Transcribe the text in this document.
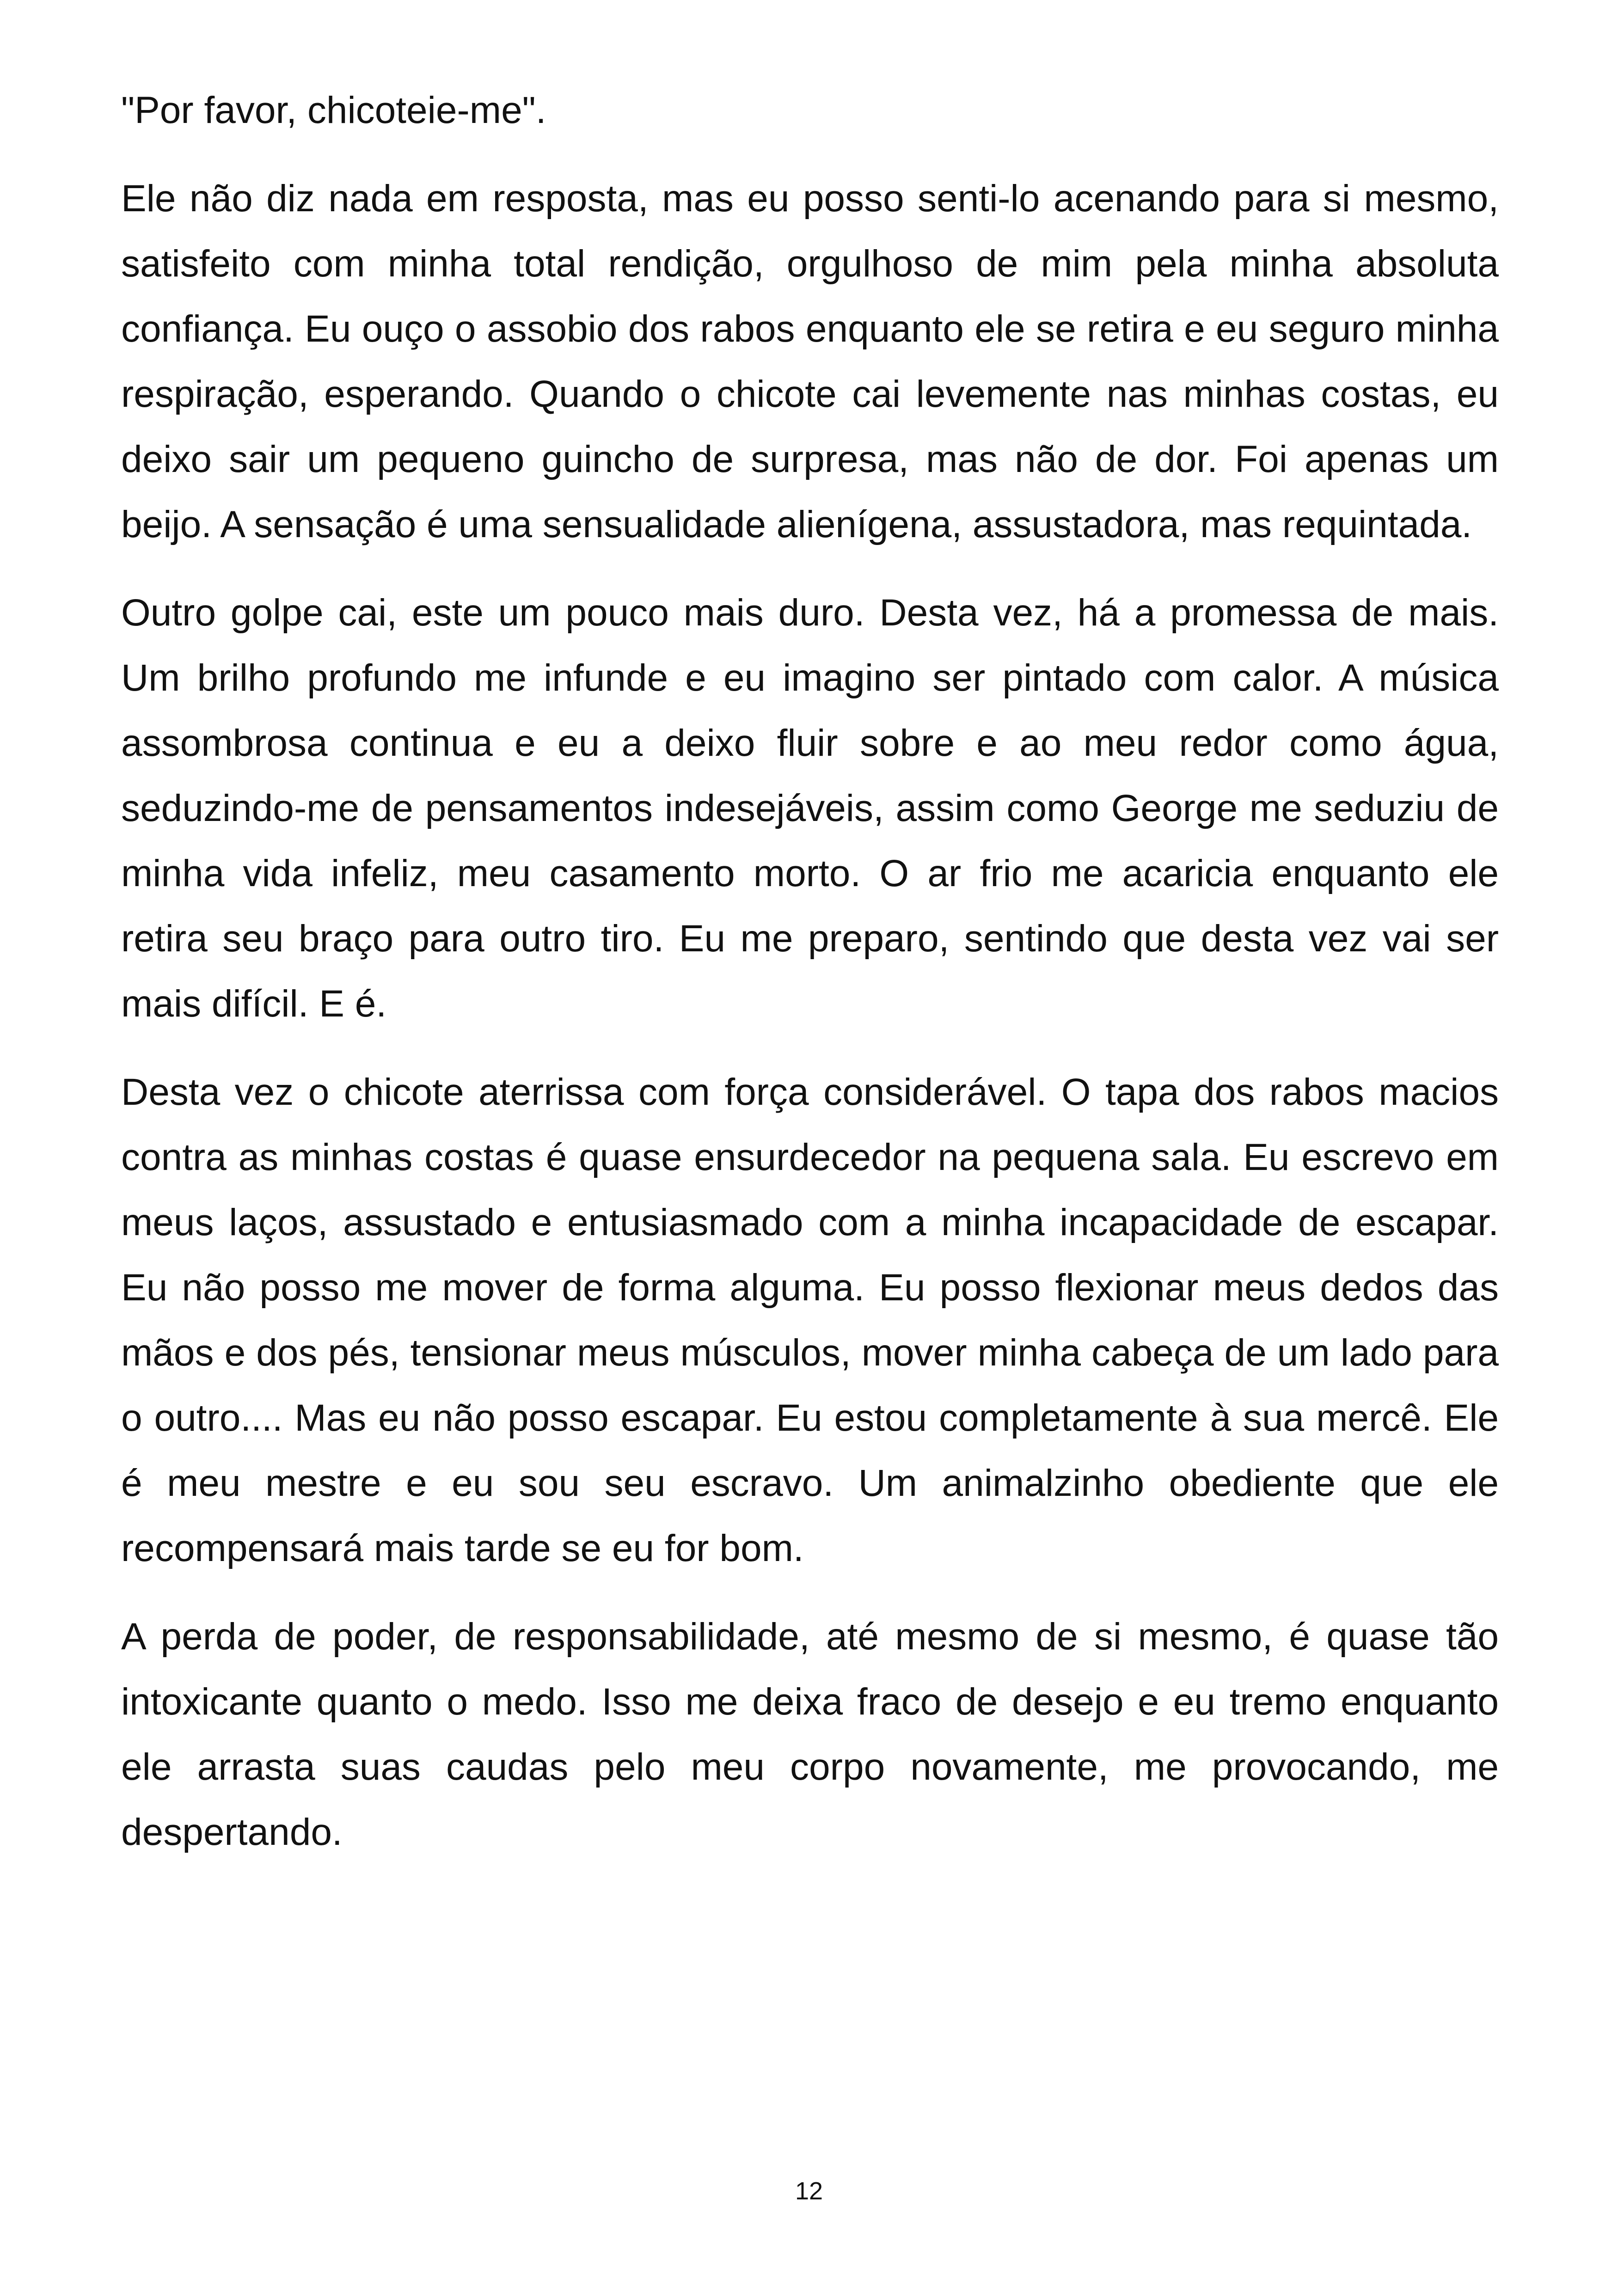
"Por favor, chicoteie-me".

Ele não diz nada em resposta, mas eu posso senti-lo acenando para si mesmo, satisfeito com minha total rendição, orgulhoso de mim pela minha absoluta confiança. Eu ouço o assobio dos rabos enquanto ele se retira e eu seguro minha respiração, esperando. Quando o chicote cai levemente nas minhas costas, eu deixo sair um pequeno guincho de surpresa, mas não de dor. Foi apenas um beijo. A sensação é uma sensualidade alienígena, assustadora, mas requintada.

Outro golpe cai, este um pouco mais duro. Desta vez, há a promessa de mais. Um brilho profundo me infunde e eu imagino ser pintado com calor. A música assombrosa continua e eu a deixo fluir sobre e ao meu redor como água, seduzindo-me de pensamentos indesejáveis, assim como George me seduziu de minha vida infeliz, meu casamento morto. O ar frio me acaricia enquanto ele retira seu braço para outro tiro. Eu me preparo, sentindo que desta vez vai ser mais difícil. E é.

Desta vez o chicote aterrissa com força considerável. O tapa dos rabos macios contra as minhas costas é quase ensurdecedor na pequena sala. Eu escrevo em meus laços, assustado e entusiasmado com a minha incapacidade de escapar. Eu não posso me mover de forma alguma. Eu posso flexionar meus dedos das mãos e dos pés, tensionar meus músculos, mover minha cabeça de um lado para o outro.... Mas eu não posso escapar. Eu estou completamente à sua mercê. Ele é meu mestre e eu sou seu escravo. Um animalzinho obediente que ele recompensará mais tarde se eu for bom.

A perda de poder, de responsabilidade, até mesmo de si mesmo, é quase tão intoxicante quanto o medo. Isso me deixa fraco de desejo e eu tremo enquanto ele arrasta suas caudas pelo meu corpo novamente, me provocando, me despertando.

12
